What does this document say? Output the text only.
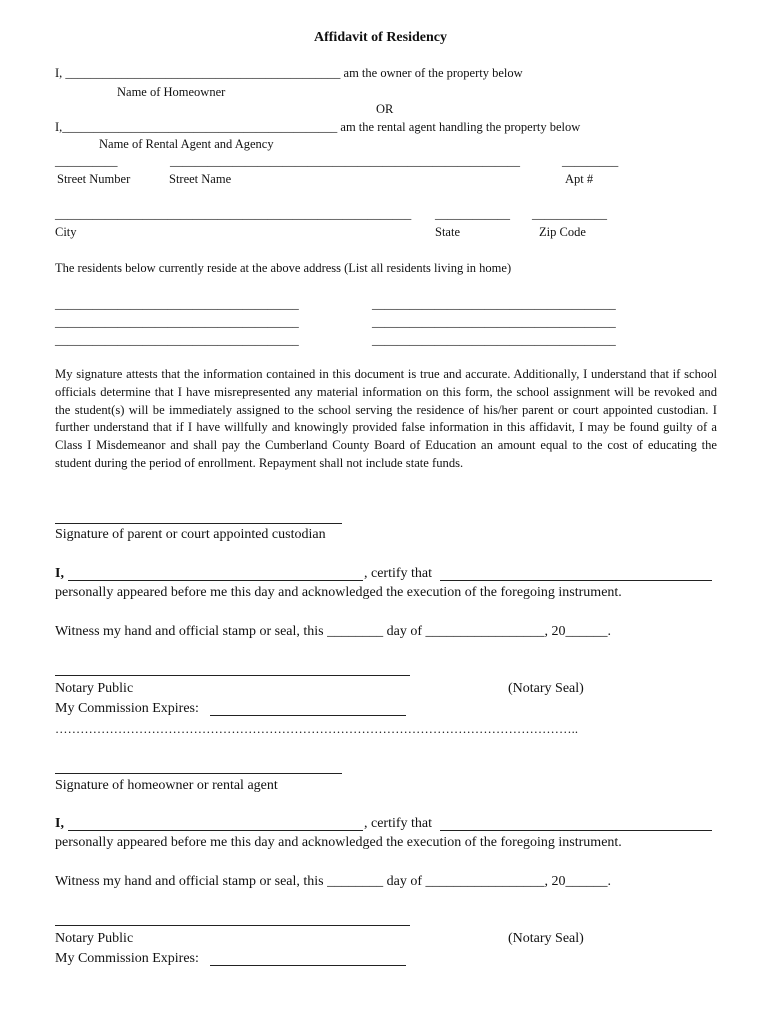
Affidavit of Residency
I, ____________________________________________ am the owner of the property below
Name of Homeowner
OR
I,____________________________________________ am the rental agent handling the property below
Name of Rental Agent and Agency
__________	________________________________________________________	_________
Street Number	Street Name	Apt #
_________________________________________________________ ____________ ____________
City	State	Zip Code
The residents below currently reside at the above address (List all residents living in home)
_______________________________________	_______________________________________
_______________________________________	_______________________________________
_______________________________________	_______________________________________
My signature attests that the information contained in this document is true and accurate. Additionally, I understand that if school officials determine that I have misrepresented any material information on this form, the school assignment will be revoked and the student(s) will be immediately assigned to the school serving the residence of his/her parent or court appointed custodian. I further understand that if I have willfully and knowingly provided false information in this affidavit, I may be found guilty of a Class I Misdemeanor and shall pay the Cumberland County Board of Education an amount equal to the cost of educating the student during the period of enrollment. Repayment shall not include state funds.
Signature of parent or court appointed custodian
I,	, certify that
personally appeared before me this day and acknowledged the execution of the foregoing instrument.
Witness my hand and official stamp or seal, this ________ day of _________________, 20______.
Notary Public	(Notary Seal)
My Commission Expires:
……………………………………………………………………………………………………………..
Signature of homeowner or rental agent
I,	, certify that
personally appeared before me this day and acknowledged the execution of the foregoing instrument.
Witness my hand and official stamp or seal, this ________ day of _________________, 20______.
Notary Public	(Notary Seal)
My Commission Expires:
